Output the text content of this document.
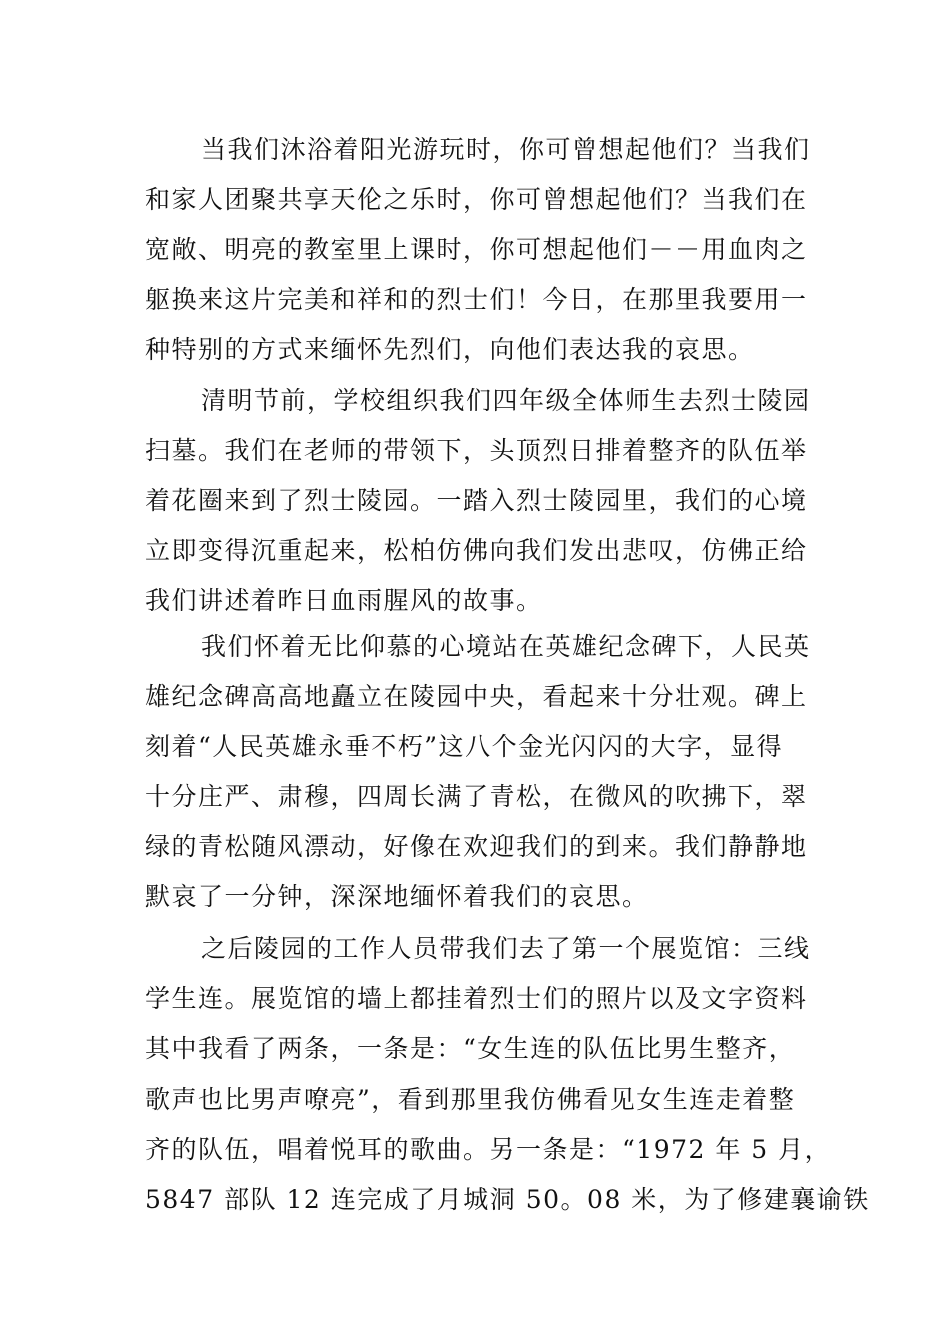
当我们沐浴着阳光游玩时，你可曾想起他们？当我们
和家人团聚共享天伦之乐时，你可曾想起他们？当我们在
宽敞、明亮的教室里上课时，你可想起他们－－用血肉之
躯换来这片完美和祥和的烈士们！今日，在那里我要用一
种特别的方式来缅怀先烈们，向他们表达我的哀思。
清明节前，学校组织我们四年级全体师生去烈士陵园
扫墓。我们在老师的带领下，头顶烈日排着整齐的队伍举
着花圈来到了烈士陵园。一踏入烈士陵园里，我们的心境
立即变得沉重起来，松柏仿佛向我们发出悲叹，仿佛正给
我们讲述着昨日血雨腥风的故事。
我们怀着无比仰慕的心境站在英雄纪念碑下，人民英
雄纪念碑高高地矗立在陵园中央，看起来十分壮观。碑上
刻着“人民英雄永垂不朽”这八个金光闪闪的大字，显得
十分庄严、肃穆，四周长满了青松，在微风的吹拂下，翠
绿的青松随风漂动，好像在欢迎我们的到来。我们静静地
默哀了一分钟，深深地缅怀着我们的哀思。
之后陵园的工作人员带我们去了第一个展览馆：三线
学生连。展览馆的墙上都挂着烈士们的照片以及文字资料
其中我看了两条，一条是：“女生连的队伍比男生整齐，
歌声也比男声嘹亮”，看到那里我仿佛看见女生连走着整
齐的队伍，唱着悦耳的歌曲。另一条是：“1972 年 5 月，
5847 部队 12 连完成了月城洞 50。08 米，为了修建襄谕铁
